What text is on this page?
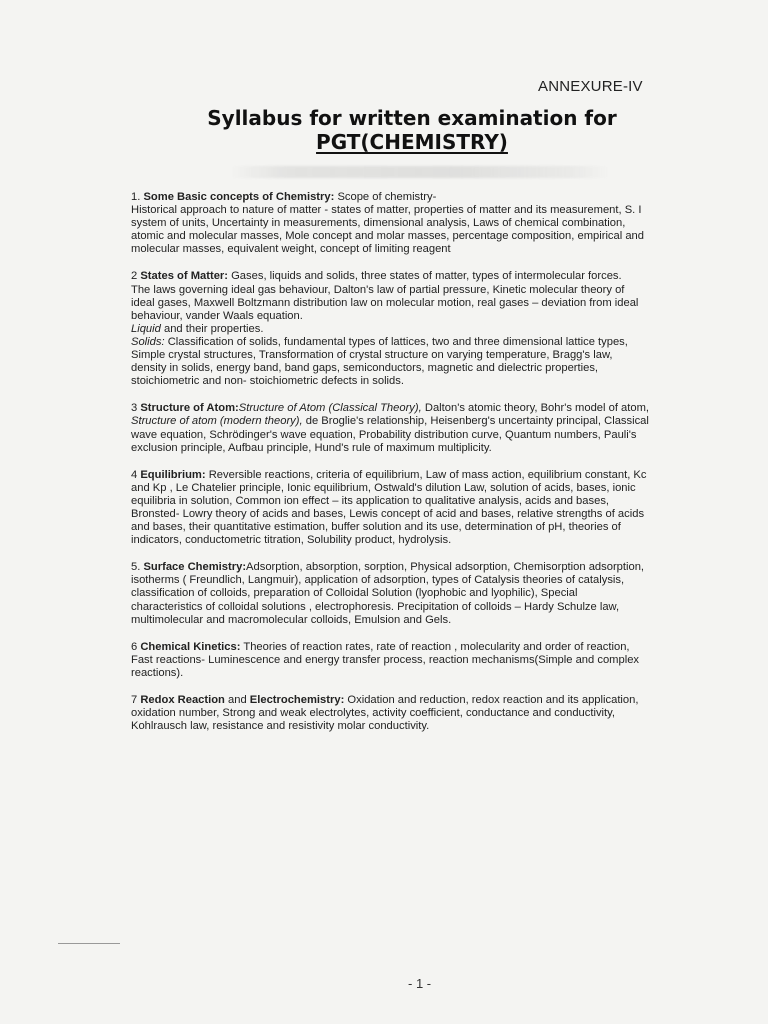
ANNEXURE-IV
Syllabus for written examination for
PGT(CHEMISTRY)

1. Some Basic concepts of Chemistry: Scope of chemistry-

Historical approach to nature of matter - states of matter, properties of matter and its measurement, S. I system of units, Uncertainty in measurements, dimensional analysis, Laws of chemical combination, atomic and molecular masses, Mole concept and molar masses, percentage composition, empirical and molecular masses, equivalent weight, concept of limiting reagent

2 States of Matter: Gases, liquids and solids, three states of matter, types of intermolecular forces.

The laws governing ideal gas behaviour, Dalton's law of partial pressure, Kinetic molecular theory of ideal gases, Maxwell Boltzmann distribution law on molecular motion, real gases – deviation from ideal behaviour, vander Waals equation.

Liquid and their properties.

Solids: Classification of solids, fundamental types of lattices, two and three dimensional lattice types, Simple crystal structures, Transformation of crystal structure on varying temperature, Bragg's law, density in solids, energy band, band gaps, semiconductors, magnetic and dielectric properties, stoichiometric and non- stoichiometric defects in solids.

3 Structure of Atom:Structure of Atom (Classical Theory), Dalton's atomic theory, Bohr's model of atom, Structure of atom (modern theory), de Broglie's relationship, Heisenberg's uncertainty principal, Classical wave equation, Schrödinger's wave equation, Probability distribution curve, Quantum numbers, Pauli's exclusion principle, Aufbau principle, Hund's rule of maximum multiplicity.

4 Equilibrium: Reversible reactions, criteria of equilibrium, Law of mass action, equilibrium constant, Kc and Kp , Le Chatelier principle, Ionic equilibrium, Ostwald's dilution Law, solution of acids, bases, ionic equilibria in solution, Common ion effect – its application to qualitative analysis, acids and bases, Bronsted- Lowry theory of acids and bases, Lewis concept of acid and bases, relative strengths of acids and bases, their quantitative estimation, buffer solution and its use, determination of pH, theories of indicators, conductometric titration, Solubility product, hydrolysis.

5. Surface Chemistry:Adsorption, absorption, sorption, Physical adsorption, Chemisorption adsorption, isotherms ( Freundlich, Langmuir), application of adsorption, types of Catalysis theories of catalysis, classification of colloids, preparation of Colloidal Solution (lyophobic and lyophilic), Special characteristics of colloidal solutions , electrophoresis. Precipitation of colloids – Hardy Schulze law, multimolecular and macromolecular colloids, Emulsion and Gels.

6 Chemical Kinetics: Theories of reaction rates, rate of reaction , molecularity and order of reaction, Fast reactions- Luminescence and energy transfer process, reaction mechanisms(Simple and complex reactions).

7 Redox Reaction and Electrochemistry: Oxidation and reduction, redox reaction and its application, oxidation number, Strong and weak electrolytes, activity coefficient, conductance and conductivity, Kohlrausch law, resistance and resistivity molar conductivity.

- 1 -
